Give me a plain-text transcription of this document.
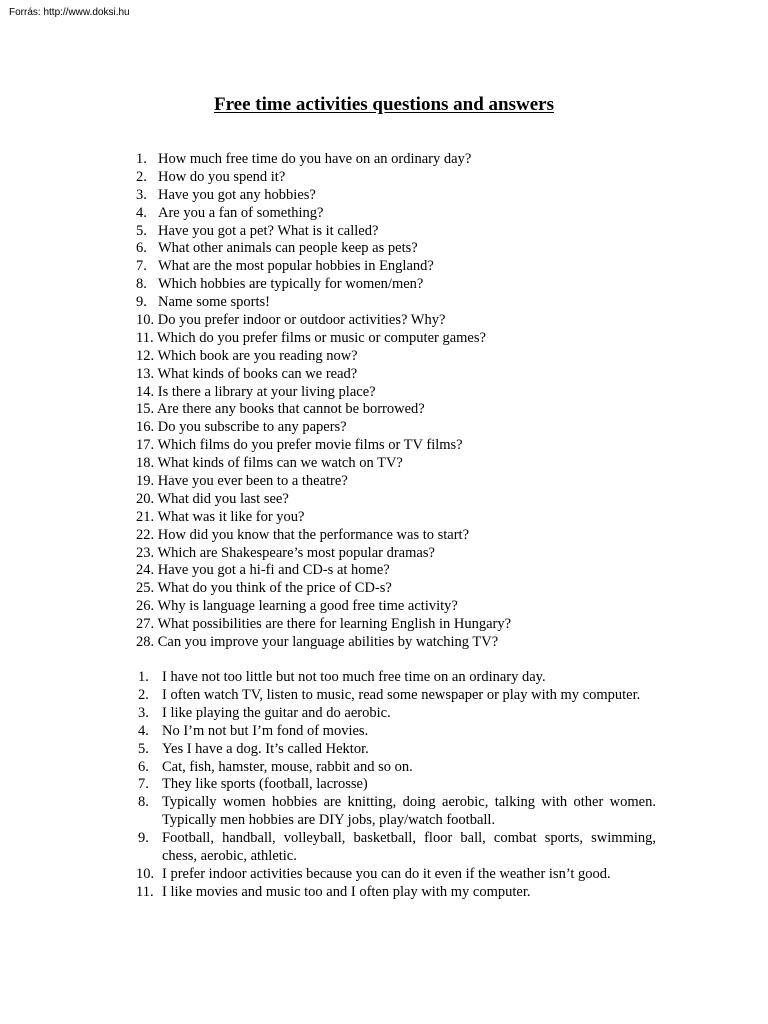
Forrás: http://www.doksi.hu
Free time activities questions and answers
1. How much free time do you have on an ordinary day?
2. How do you spend it?
3. Have you got any hobbies?
4. Are you a fan of something?
5. Have you got a pet? What is it called?
6. What other animals can people keep as pets?
7. What are the most popular hobbies in England?
8. Which hobbies are typically for women/men?
9. Name some sports!
10. Do you prefer indoor or outdoor activities? Why?
11. Which do you prefer films or music or computer games?
12. Which book are you reading now?
13. What kinds of books can we read?
14. Is there a library at your living place?
15. Are there any books that cannot be borrowed?
16. Do you subscribe to any papers?
17. Which films do you prefer movie films or TV films?
18. What kinds of films can we watch on TV?
19. Have you ever been to a theatre?
20. What did you last see?
21. What was it like for you?
22. How did you know that the performance was to start?
23. Which are Shakespeare’s most popular dramas?
24. Have you got a hi-fi and CD-s at home?
25. What do you think of the price of CD-s?
26. Why is language learning a good free time activity?
27. What possibilities are there for learning English in Hungary?
28. Can you improve your language abilities by watching TV?
1. I have not too little but not too much free time on an ordinary day.
2. I often watch TV, listen to music, read some newspaper or play with my computer.
3. I like playing the guitar and do aerobic.
4. No I’m not but I’m fond of movies.
5. Yes I have a dog. It’s called Hektor.
6. Cat, fish, hamster, mouse, rabbit and so on.
7. They like sports (football, lacrosse)
8. Typically women hobbies are knitting, doing aerobic, talking with other women. Typically men hobbies are DIY jobs, play/watch football.
9. Football, handball, volleyball, basketball, floor ball, combat sports, swimming, chess, aerobic, athletic.
10. I prefer indoor activities because you can do it even if the weather isn’t good.
11. I like movies and music too and I often play with my computer.
